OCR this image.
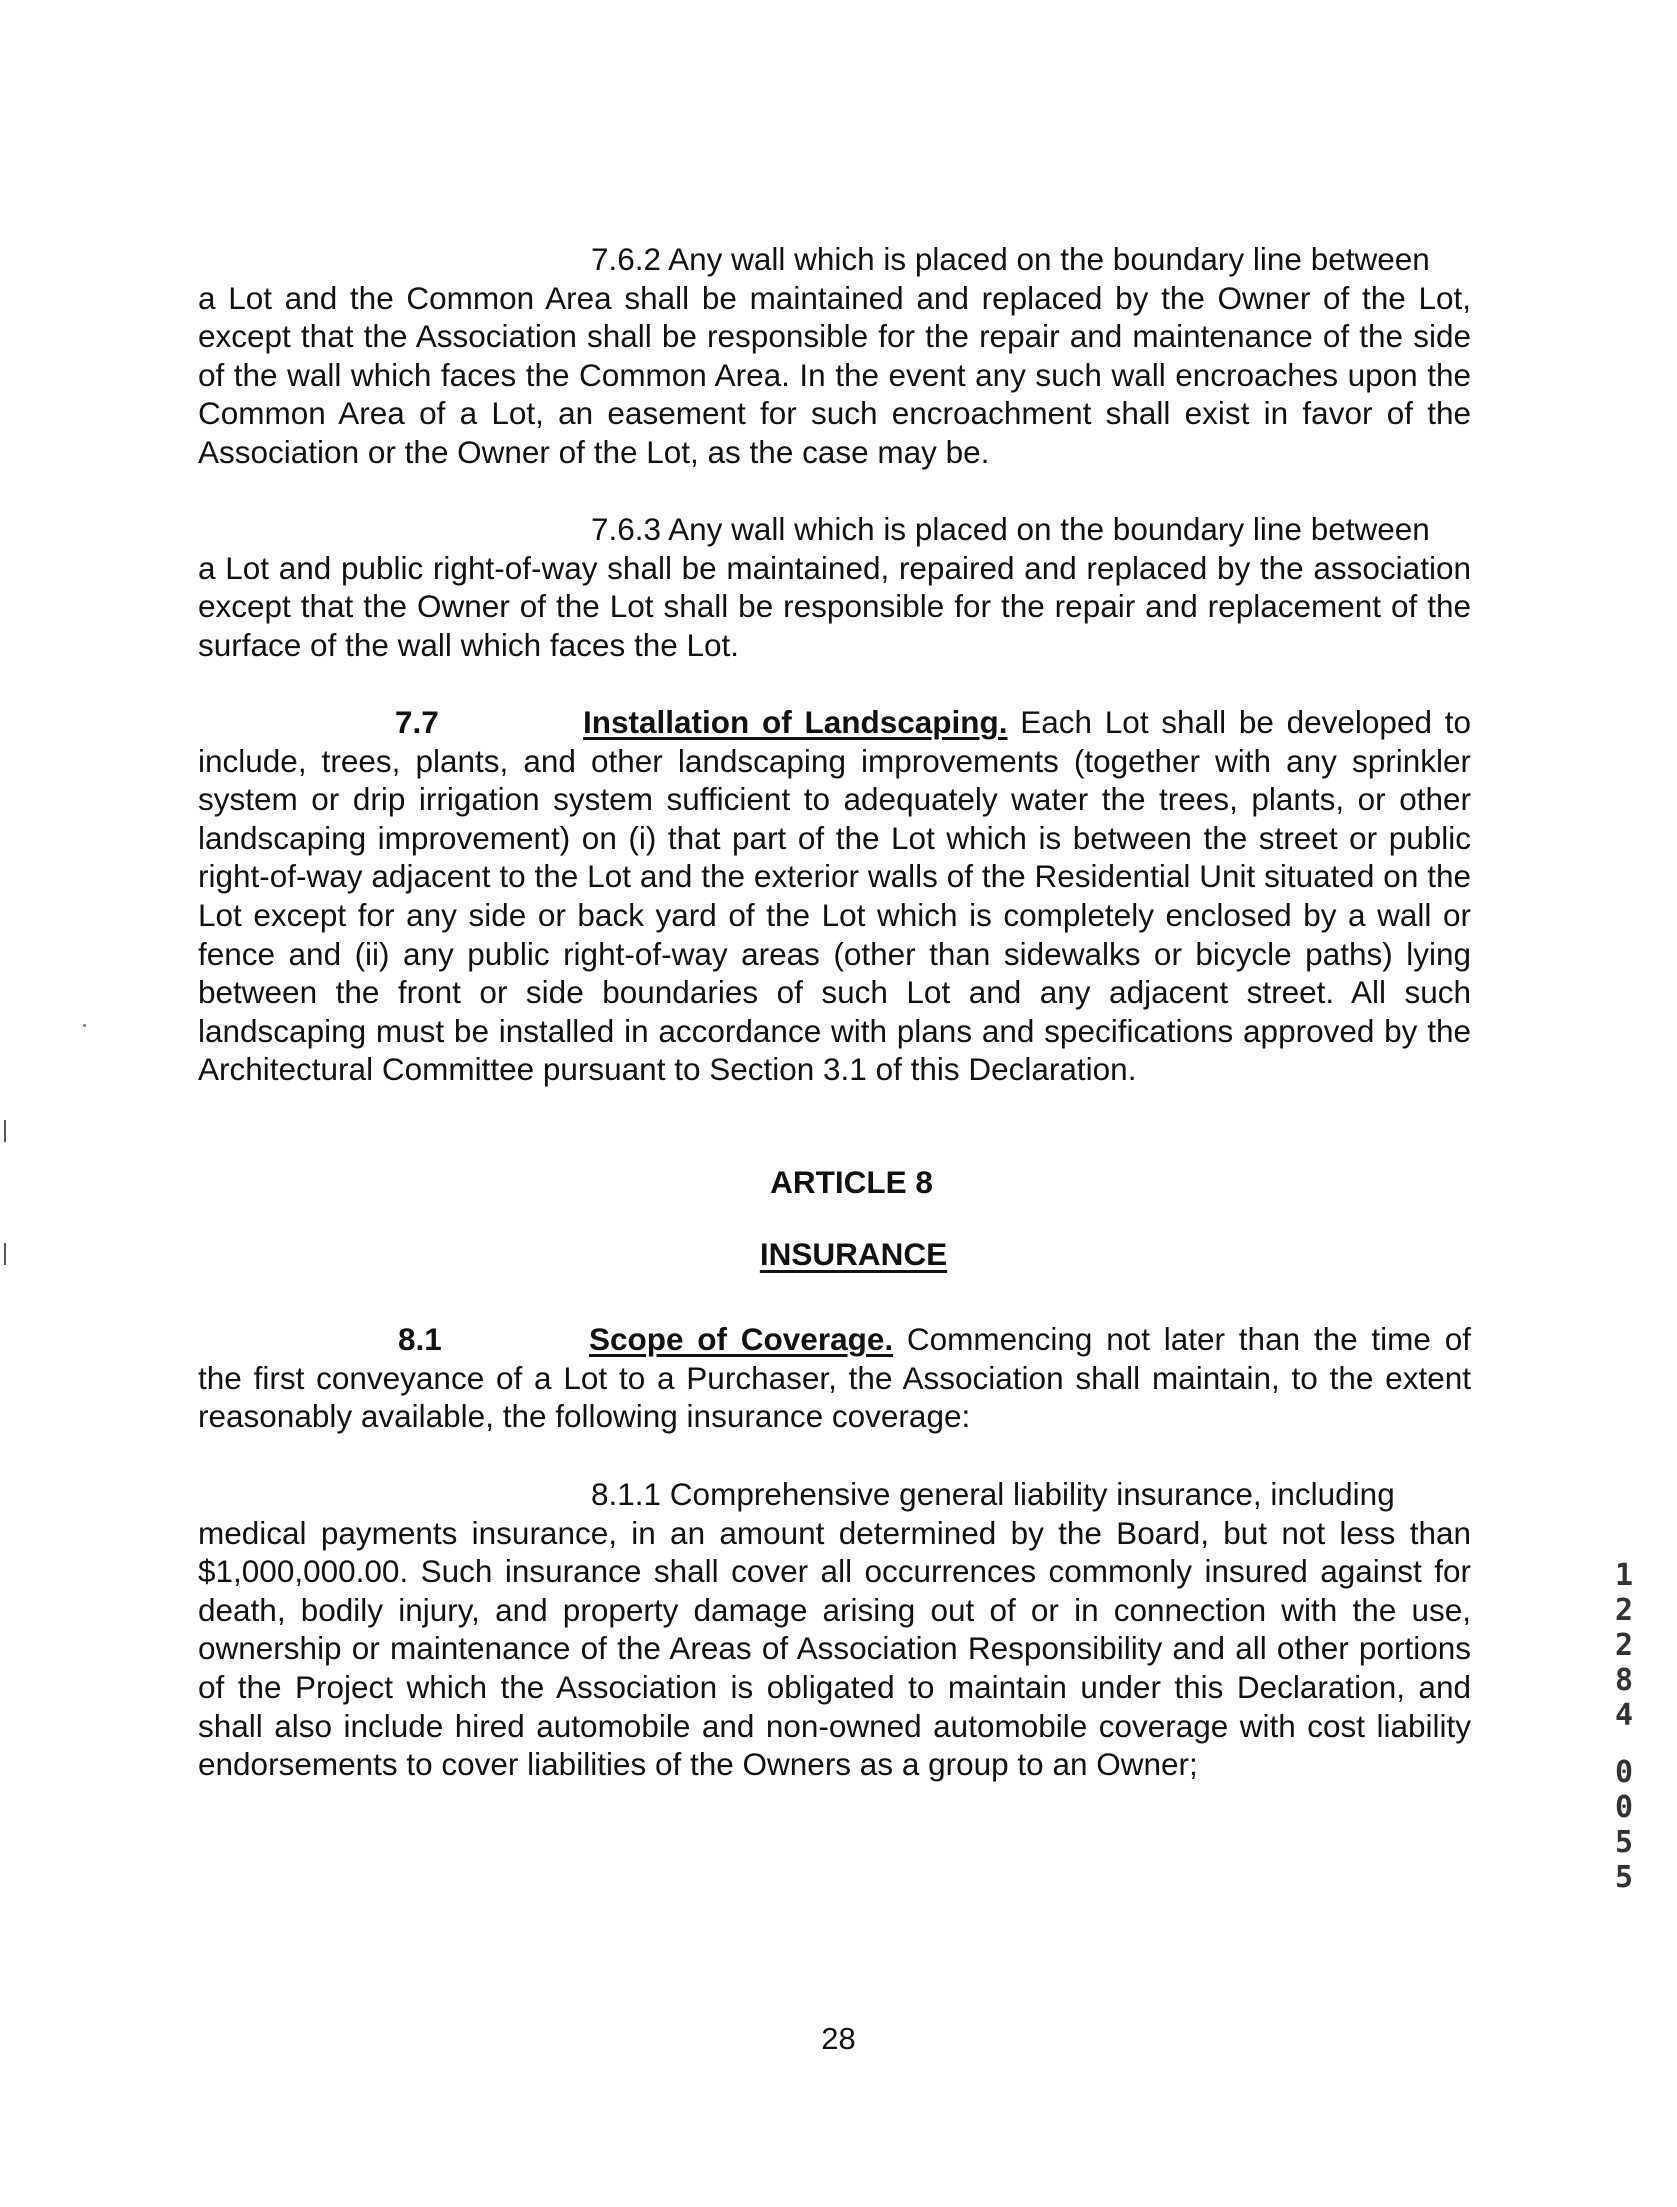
7.6.2 Any wall which is placed on the boundary line between
a Lot and the Common Area shall be maintained and replaced by the Owner of the Lot, except that the Association shall be responsible for the repair and maintenance of the side of the wall which faces the Common Area. In the event any such wall encroaches upon the Common Area of a Lot, an easement for such encroachment shall exist in favor of the Association or the Owner of the Lot, as the case may be.

7.6.3 Any wall which is placed on the boundary line between
a Lot and public right-of-way shall be maintained, repaired and replaced by the association except that the Owner of the Lot shall be responsible for the repair and replacement of the surface of the wall which faces the Lot.

7.7	Installation of Landscaping. Each Lot shall be developed to include, trees, plants, and other landscaping improvements (together with any sprinkler system or drip irrigation system sufficient to adequately water the trees, plants, or other landscaping improvement) on (i) that part of the Lot which is between the street or public right-of-way adjacent to the Lot and the exterior walls of the Residential Unit situated on the Lot except for any side or back yard of the Lot which is completely enclosed by a wall or fence and (ii) any public right-of-way areas (other than sidewalks or bicycle paths) lying between the front or side boundaries of such Lot and any adjacent street. All such landscaping must be installed in accordance with plans and specifications approved by the Architectural Committee pursuant to Section 3.1 of this Declaration.

ARTICLE 8

INSURANCE

8.1	Scope of Coverage. Commencing not later than the time of the first conveyance of a Lot to a Purchaser, the Association shall maintain, to the extent reasonably available, the following insurance coverage:

8.1.1 Comprehensive general liability insurance, including
medical payments insurance, in an amount determined by the Board, but not less than $1,000,000.00. Such insurance shall cover all occurrences commonly insured against for death, bodily injury, and property damage arising out of or in connection with the use, ownership or maintenance of the Areas of Association Responsibility and all other portions of the Project which the Association is obligated to maintain under this Declaration, and shall also include hired automobile and non-owned automobile coverage with cost liability endorsements to cover liabilities of the Owners as a group to an Owner;

1
2
2
8
4
0
0
5
5

28
